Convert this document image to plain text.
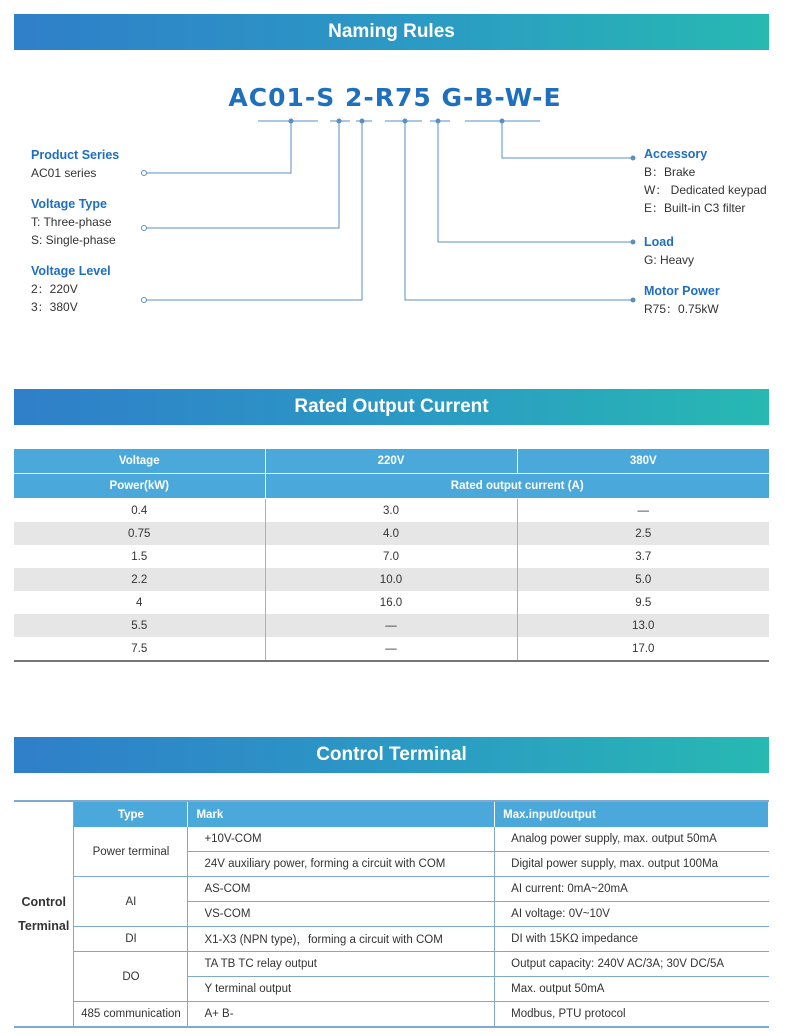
Naming Rules
AC01-S 2-R75 G-B-W-E
Product Series
AC01 series
Voltage Type
T: Three-phase
S: Single-phase
Voltage Level
2：220V
3：380V
Accessory
B：Brake
W： Dedicated keypad
E：Built-in C3 filter
Load
G: Heavy
Motor Power
R75：0.75kW
Rated Output Current
Voltage	220V	380V
Power(kW)	Rated output current (A)	
0.4	3.0	—
0.75	4.0	2.5
1.5	7.0	3.7
2.2	10.0	5.0
4	16.0	9.5
5.5	—	13.0
7.5	—	17.0
Control Terminal
Control
Terminal	Type	Mark	Max.input/output
	Power terminal	+10V-COM	Analog power supply, max. output 50mA
		24V auxiliary power, forming a circuit with COM	Digital power supply, max. output 100Ma
	AI	AS-COM	AI current: 0mA~20mA
		VS-COM	AI voltage: 0V~10V
	DI	X1-X3 (NPN type)，forming a circuit with COM	DI with 15KΩ impedance
	DO	TA TB TC relay output	Output capacity: 240V AC/3A; 30V DC/5A
		Y terminal output	Max. output 50mA
	485 communication	A+ B-	Modbus, PTU protocol
